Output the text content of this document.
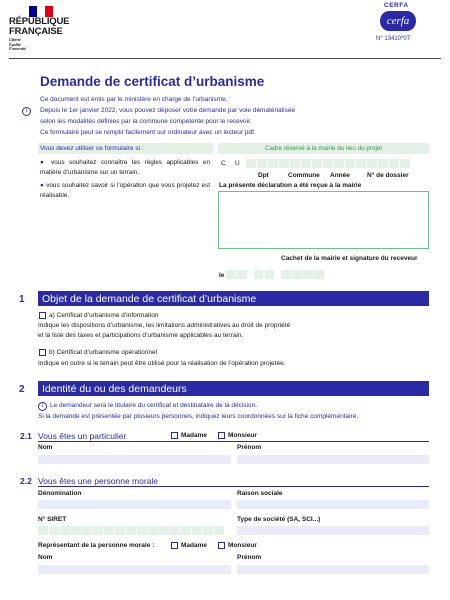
RÉPUBLIQUE
FRANÇAISE
Liberté
Égalité
Fraternité
CERFA
cerfa
N° 13410*07
Demande de certificat d’urbanisme
Ce document est émis par le ministère en charge de l’urbanisme.
i	Depuis le 1er janvier 2022, vous pouvez déposer votre demande par voie dématérialisée
selon les modalités définies par la commune compétente pour le recevoir.
Ce formulaire peut se remplir facilement sur ordinateur avec un lecteur pdf.
Vous devez utiliser ce formulaire si :
● vous souhaitez connaître les règles applicables en matière d’urbanisme sur un terrain.
● vous souhaitez savoir si l’opération que vous projetez est réalisable.
Cadre réservé à la mairie du lieu du projet
C U
Dpt	Commune Année	N° de dossier
La présente déclaration a été reçue à la mairie
Cachet de la mairie et signature du receveur
le
1 Objet de la demande de certificat d’urbanisme
a) Certificat d’urbanisme d’information
Indique les dispositions d’urbanisme, les limitations administratives au droit de propriété
et la liste des taxes et participations d’urbanisme applicables au terrain.
b) Certificat d’urbanisme opérationnel
Indique en outre si le terrain peut être utilisé pour la réalisation de l’opération projetée.
2 Identité du ou des demandeurs
i	Le demandeur sera le titulaire du certificat et destinataire de la décision.
Si la demande est présentée par plusieurs personnes, indiquez leurs coordonnées sur la fiche complémentaire.
2.1 Vous êtes un particulier	Madame	Monsieur
Nom	Prénom
2.2 Vous êtes une personne morale
Dénomination	Raison sociale
N° SIRET	Type de société (SA, SCI...)
Représentant de la personne morale :	Madame	Monsieur
Nom	Prénom
